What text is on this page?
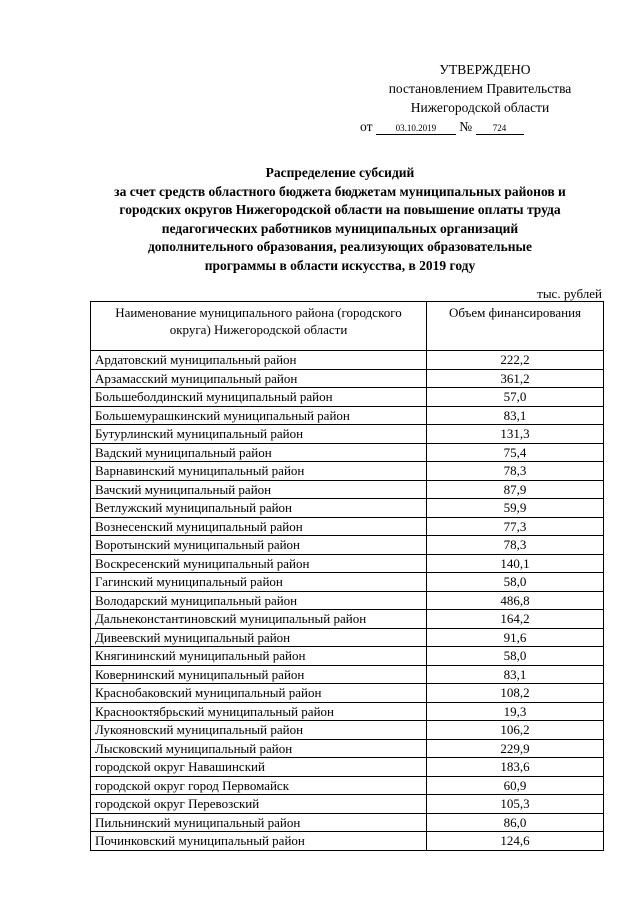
УТВЕРЖДЕНО
постановлением Правительства
Нижегородской области
от	03.10.2019 № 724
Распределение субсидий
за счет средств областного бюджета бюджетам муниципальных районов и
городских округов Нижегородской области на повышение оплаты труда
педагогических работников муниципальных организаций
дополнительного образования, реализующих образовательные
программы в области искусства, в 2019 году
тыс. рублей
Наименование муниципального района (городского округа) Нижегородской области	Объем финансирования
Ардатовский муниципальный район	222,2
Арзамасский муниципальный район	361,2
Большеболдинский муниципальный район	57,0
Большемурашкинский муниципальный район	83,1
Бутурлинский муниципальный район	131,3
Вадский муниципальный район	75,4
Варнавинский муниципальный район	78,3
Вачский муниципальный район	87,9
Ветлужский муниципальный район	59,9
Вознесенский муниципальный район	77,3
Воротынский муниципальный район	78,3
Воскресенский муниципальный район	140,1
Гагинский муниципальный район	58,0
Володарский муниципальный район	486,8
Дальнеконстантиновский муниципальный район	164,2
Дивеевский муниципальный район	91,6
Княгининский муниципальный район	58,0
Ковернинский муниципальный район	83,1
Краснобаковский муниципальный район	108,2
Краснооктябрьский муниципальный район	19,3
Лукояновский муниципальный район	106,2
Лысковский муниципальный район	229,9
городской округ Навашинский	183,6
городской округ город Первомайск	60,9
городской округ Перевозский	105,3
Пильнинский муниципальный район	86,0
Починковский муниципальный район	124,6
